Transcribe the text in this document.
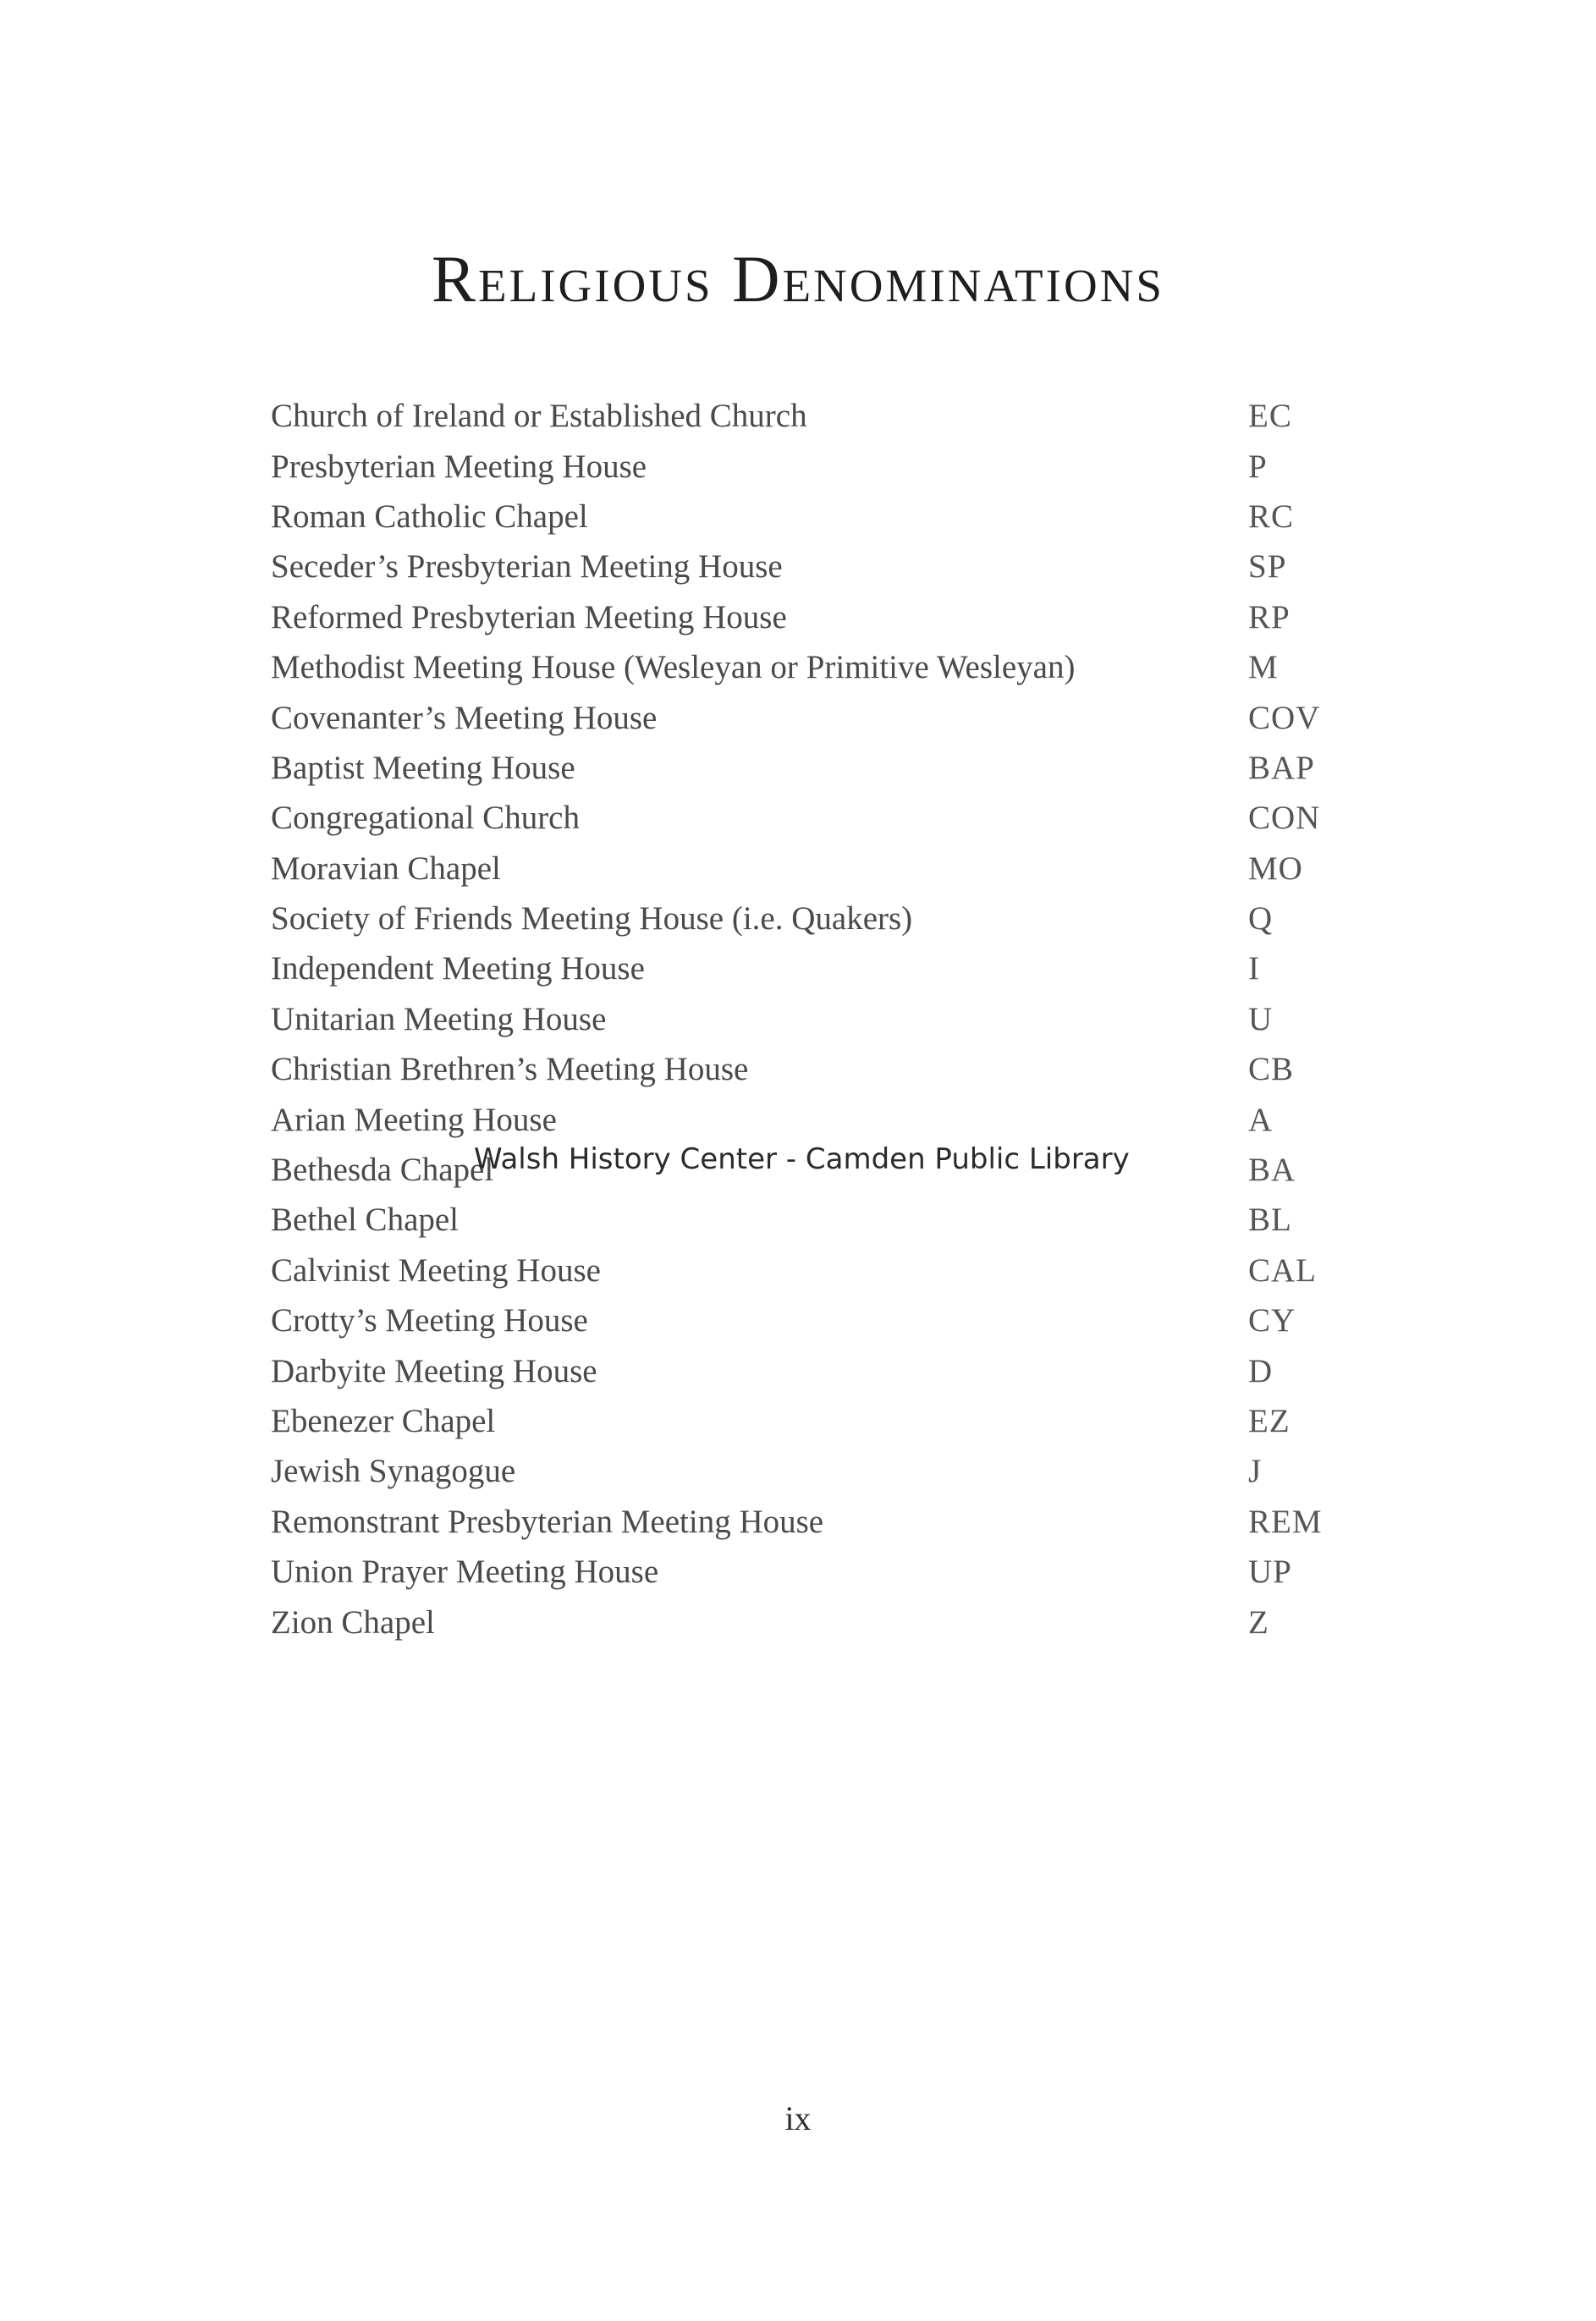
Religious Denominations
Church of Ireland or Established Church	EC
Presbyterian Meeting House	P
Roman Catholic Chapel	RC
Seceder’s Presbyterian Meeting House	SP
Reformed Presbyterian Meeting House	RP
Methodist Meeting House (Wesleyan or Primitive Wesleyan)	M
Covenanter’s Meeting House	COV
Baptist Meeting House	BAP
Congregational Church	CON
Moravian Chapel	MO
Society of Friends Meeting House (i.e. Quakers)	Q
Independent Meeting House	I
Unitarian Meeting House	U
Christian Brethren’s Meeting House	CB
Arian Meeting House	A
Bethesda Chapel	BA
Bethel Chapel	BL
Calvinist Meeting House	CAL
Crotty’s Meeting House	CY
Darbyite Meeting House	D
Ebenezer Chapel	EZ
Jewish Synagogue	J
Remonstrant Presbyterian Meeting House	REM
Union Prayer Meeting House	UP
Zion Chapel	Z
Walsh History Center - Camden Public Library
ix
